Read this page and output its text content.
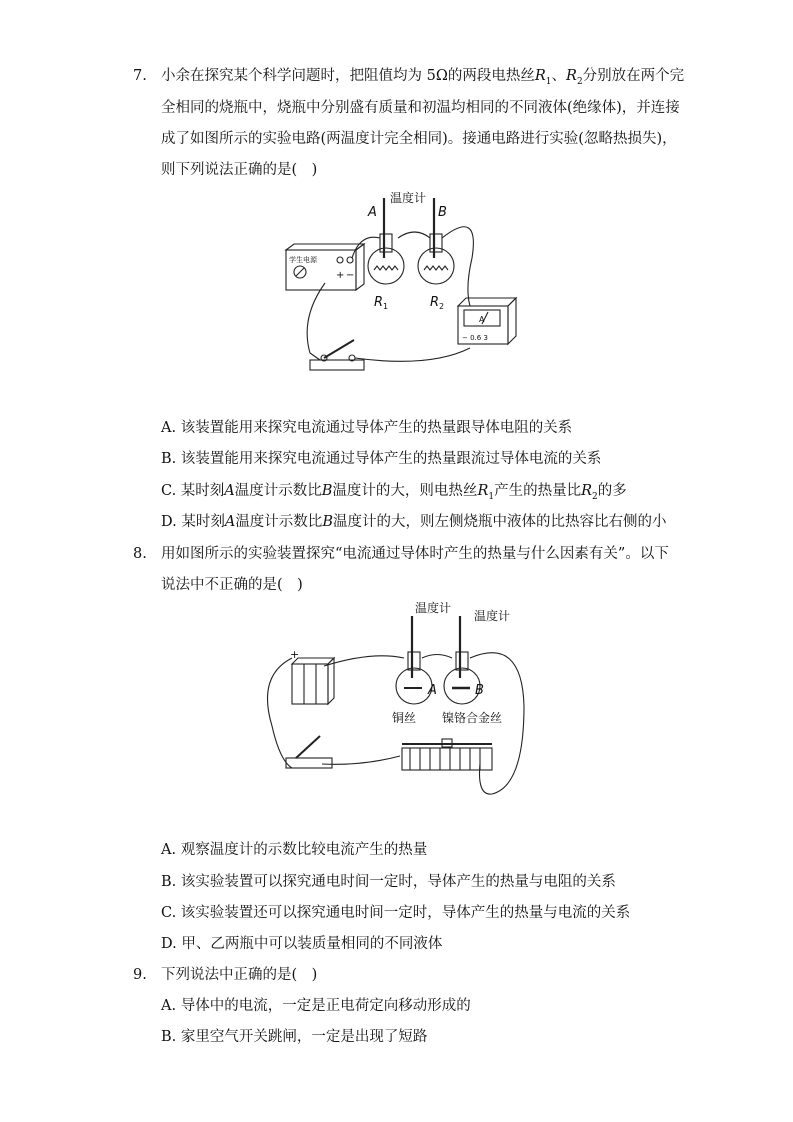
7. 小余在探究某个科学问题时，把阻值均为 5Ω的两段电热丝$R_1$、$R_2$分别放在两个完
全相同的烧瓶中，烧瓶中分别盛有质量和初温均相同的不同液体(绝缘体)，并连接
成了如图所示的实验电路(两温度计完全相同)。接通电路进行实验(忽略热损失)，
则下列说法正确的是(　)
温度计
A	B
$R_1$	$R_2$
学生电源
+ −
A
− 0.6 3
A. 该装置能用来探究电流通过导体产生的热量跟导体电阻的关系
B. 该装置能用来探究电流通过导体产生的热量跟流过导体电流的关系
C. 某时刻A温度计示数比B温度计的大，则电热丝$R_1$产生的热量比$R_2$的多
D. 某时刻A温度计示数比B温度计的大，则左侧烧瓶中液体的比热容比右侧的小
8. 用如图所示的实验装置探究“电流通过导体时产生的热量与什么因素有关”。以下
说法中不正确的是(　)
温度计
温度计
A	B
铜丝 镍铬合金丝
+
A. 观察温度计的示数比较电流产生的热量
B. 该实验装置可以探究通电时间一定时，导体产生的热量与电阻的关系
C. 该实验装置还可以探究通电时间一定时，导体产生的热量与电流的关系
D. 甲、乙两瓶中可以装质量相同的不同液体
9. 下列说法中正确的是(　)
A. 导体中的电流，一定是正电荷定向移动形成的
B. 家里空气开关跳闸，一定是出现了短路
